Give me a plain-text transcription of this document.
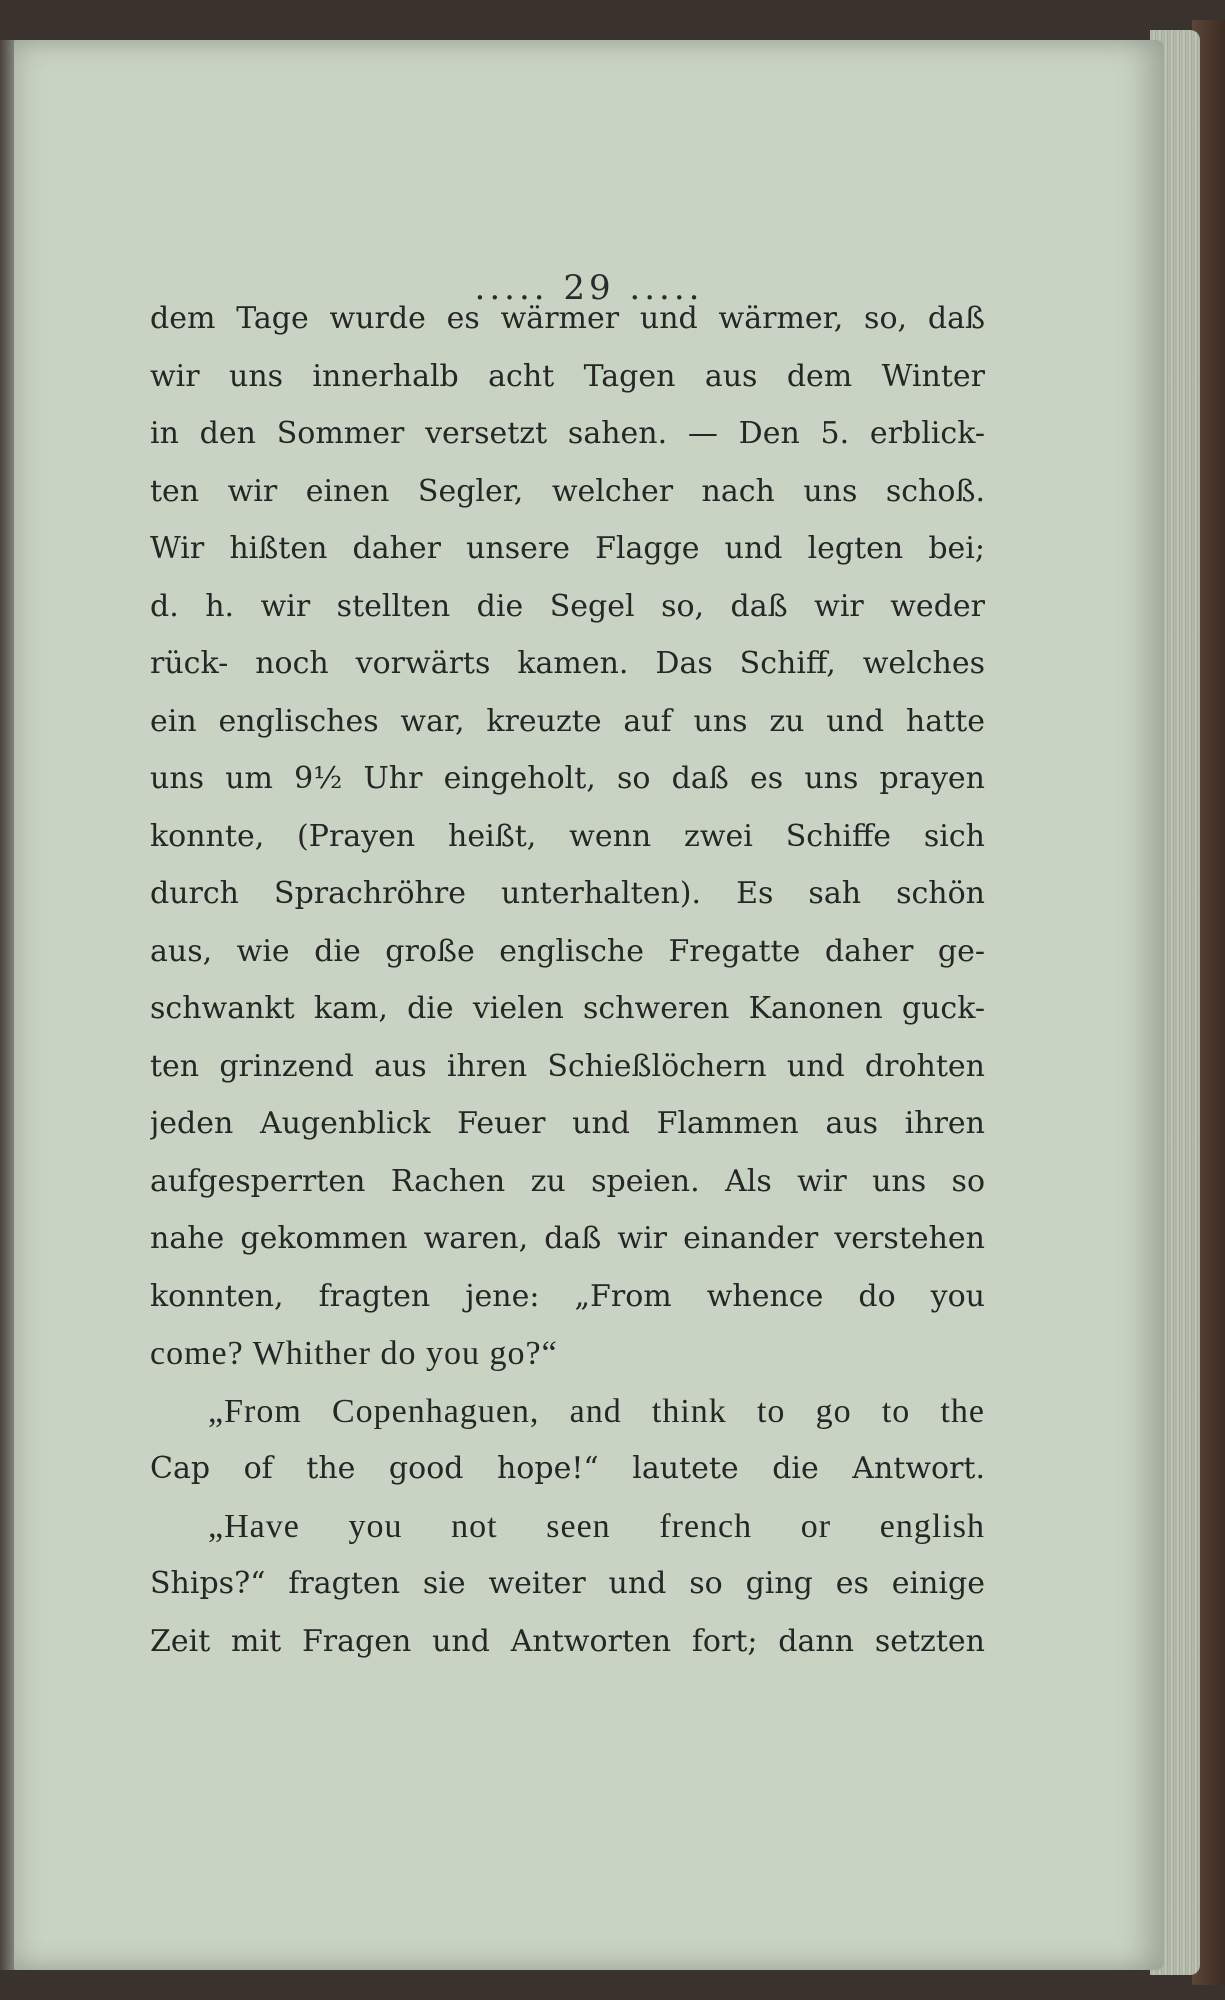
..... 29 .....
dem Tage wurde es wärmer und wärmer, so, daß
wir uns innerhalb acht Tagen aus dem Winter
in den Sommer versetzt sahen. — Den 5. erblick-
ten wir einen Segler, welcher nach uns schoß.
Wir hißten daher unsere Flagge und legten bei;
d. h. wir stellten die Segel so, daß wir weder
rück- noch vorwärts kamen. Das Schiff, welches
ein englisches war, kreuzte auf uns zu und hatte
uns um 9½ Uhr eingeholt, so daß es uns prayen
konnte, (Prayen heißt, wenn zwei Schiffe sich
durch Sprachröhre unterhalten). Es sah schön
aus, wie die große englische Fregatte daher ge-
schwankt kam, die vielen schweren Kanonen guck-
ten grinzend aus ihren Schießlöchern und drohten
jeden Augenblick Feuer und Flammen aus ihren
aufgesperrten Rachen zu speien. Als wir uns so
nahe gekommen waren, daß wir einander verstehen
konnten, fragten jene: „From whence do you
come? Whither do you go?“
„From Copenhaguen, and think to go to the
Cap of the good hope!“ lautete die Antwort.
„Have you not seen french or english
Ships?“ fragten sie weiter und so ging es einige
Zeit mit Fragen und Antworten fort; dann setzten
